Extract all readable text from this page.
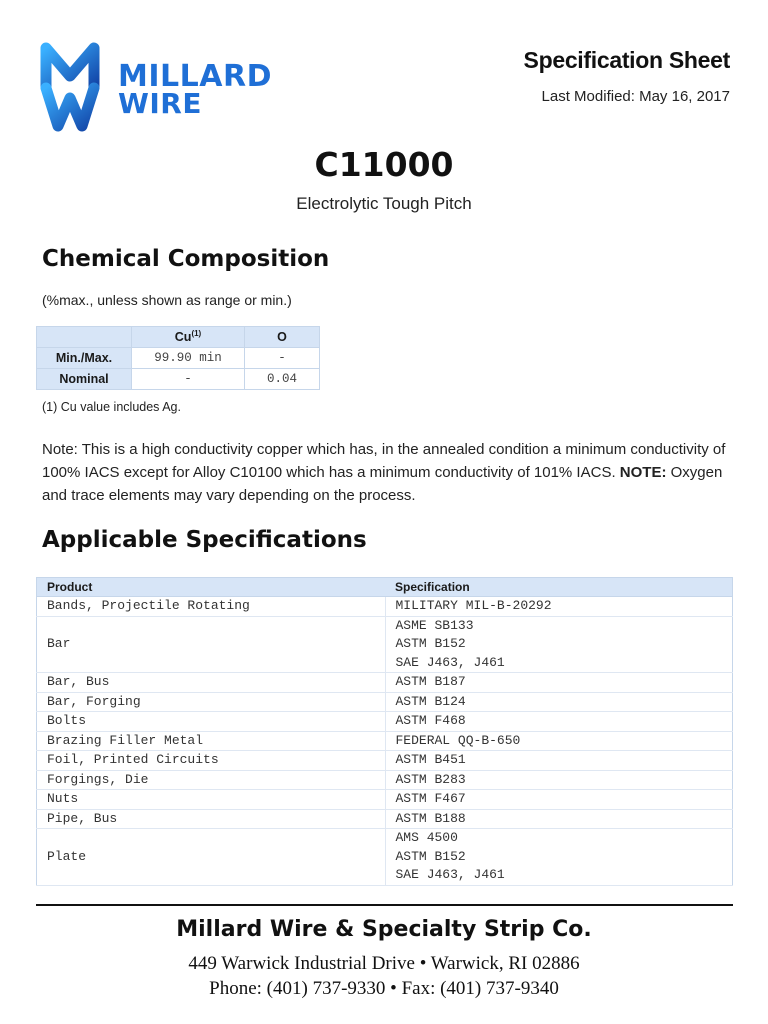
MILLARD
WIRE
Specification Sheet
Last Modified: May 16, 2017
C11000
Electrolytic Tough Pitch
Chemical Composition
(%max., unless shown as range or min.)
	Cu$^{(1)}$	O
Min./Max.	99.90 min	-
Nominal	-	0.04
(1) Cu value includes Ag.
Note: This is a high conductivity copper which has, in the annealed condition a minimum conductivity of 100% IACS except for Alloy C10100 which has a minimum conductivity of 101% IACS. NOTE: Oxygen and trace elements may vary depending on the process.
Applicable Specifications
Product	Specification
Bands, Projectile Rotating	MILITARY MIL-B-20292
Bar	ASME SB133
	ASTM B152
	SAE J463, J461
Bar, Bus	ASTM B187
Bar, Forging	ASTM B124
Bolts	ASTM F468
Brazing Filler Metal	FEDERAL QQ-B-650
Foil, Printed Circuits	ASTM B451
Forgings, Die	ASTM B283
Nuts	ASTM F467
Pipe, Bus	ASTM B188
Plate	AMS 4500
	ASTM B152
	SAE J463, J461
Millard Wire & Specialty Strip Co.
449 Warwick Industrial Drive • Warwick, RI 02886
Phone: (401) 737-9330 • Fax: (401) 737-9340
